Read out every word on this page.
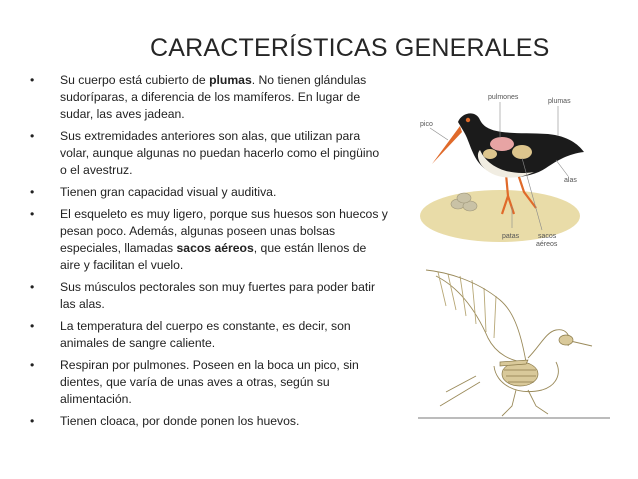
CARACTERÍSTICAS GENERALES
• Su cuerpo está cubierto de plumas. No tienen glándulas sudoríparas, a diferencia de los mamíferos. En lugar de sudar, las aves jadean.
• Sus extremidades anteriores son alas, que utilizan para volar, aunque algunas no puedan hacerlo como el pingüino o el avestruz.
• Tienen gran capacidad visual y auditiva.
• El esqueleto es muy ligero, porque sus huesos son huecos y pesan poco. Además, algunas poseen unas bolsas especiales, llamadas sacos aéreos, que están llenos de aire y facilitan el vuelo.
• Sus músculos pectorales son muy fuertes para poder batir las alas.
• La temperatura del cuerpo es constante, es decir, son animales de sangre caliente.
• Respiran por pulmones. Poseen en la boca un pico, sin dientes, que varía de unas aves a otras, según su alimentación.
• Tienen cloaca, por donde ponen los huevos.
pulmones
plumas
pico
alas
patas	sacos
aéreos
